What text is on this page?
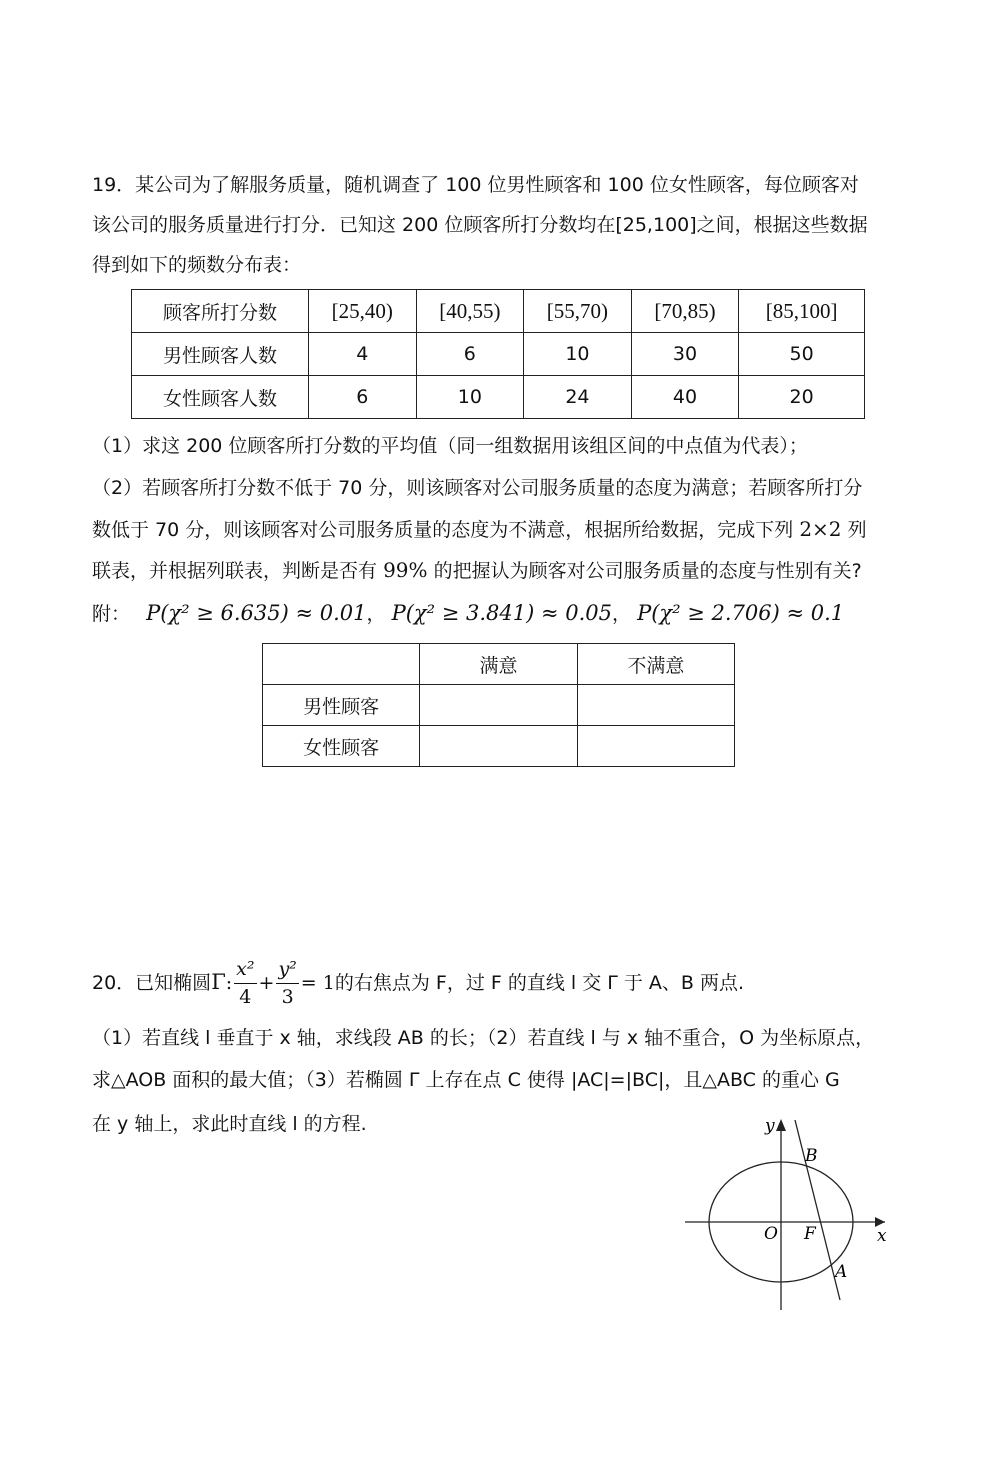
19．某公司为了解服务质量，随机调查了 100 位男性顾客和 100 位女性顾客，每位顾客对
该公司的服务质量进行打分．已知这 200 位顾客所打分数均在[25,100]之间，根据这些数据
得到如下的频数分布表：
顾客所打分数	[25,40)	[40,55)	[55,70)	[70,85)	[85,100]
男性顾客人数	4	6	10	30	50
女性顾客人数	6	10	24	40	20
（1）求这 200 位顾客所打分数的平均值（同一组数据用该组区间的中点值为代表）；
（2）若顾客所打分数不低于 70 分，则该顾客对公司服务质量的态度为满意；若顾客所打分
数低于 70 分，则该顾客对公司服务质量的态度为不满意，根据所给数据，完成下列 2×2 列
联表，并根据列联表，判断是否有 99% 的把握认为顾客对公司服务质量的态度与性别有关?
附： P(χ² ≥ 6.635) ≈ 0.01， P(χ² ≥ 3.841) ≈ 0.05， P(χ² ≥ 2.706) ≈ 0.1
	满意	不满意
男性顾客		
女性顾客		
20．已知椭圆Γ: $\frac{\text{x²}}{4} + \frac{\text{y²}}{3} = 1$的右焦点为 F，过 F 的直线 l 交 Γ 于 A、B 两点.
（1）若直线 l 垂直于 x 轴，求线段 AB 的长；（2）若直线 l 与 x 轴不重合，O 为坐标原点，
求△AOB 面积的最大值；（3）若椭圆 Γ 上存在点 C 使得 |AC|=|BC|，且△ABC 的重心 G
在 y 轴上，求此时直线 l 的方程.	y
x
O F
A
B
